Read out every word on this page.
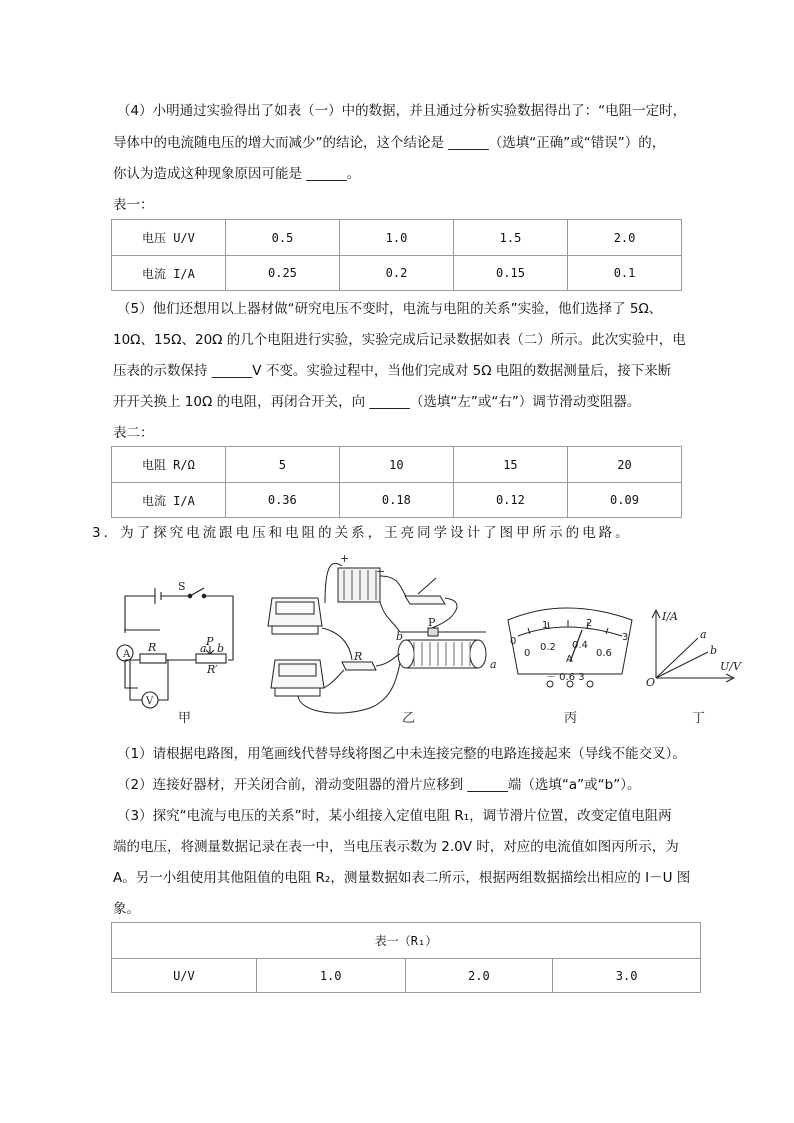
（4）小明通过实验得出了如表（一）中的数据，并且通过分析实验数据得出了：“电阻一定时，
导体中的电流随电压的增大而减少”的结论，这个结论是 ______（选填“正确”或“错误”）的，
你认为造成这种现象原因可能是 ______。
表一：
电压 U/V	0.5	1.0	1.5	2.0
电流 I/A	0.25	0.2	0.15	0.1
（5）他们还想用以上器材做“研究电压不变时，电流与电阻的关系”实验，他们选择了 5Ω、
10Ω、15Ω、20Ω 的几个电阻进行实验，实验完成后记录数据如表（二）所示。此次实验中，电
压表的示数保持 ______V 不变。实验过程中，当他们完成对 5Ω 电阻的数据测量后，接下来断
开开关换上 10Ω 的电阻，再闭合开关，向 ______（选填“左”或“右”）调节滑动变阻器。
表二：
电阻 R/Ω	5	10	15	20
电流 I/A	0.36	0.18	0.12	0.09
3．为了探究电流跟电压和电阻的关系，王亮同学设计了图甲所示的电路。
A
V
S
R	P
a b
R′
+
−
R
P
b
a
0
1	2
3
0
0.2 0.4
0.6
A
－ 0.6 3
I/A
U/V
O
a
b
甲	乙	丙	丁
（1）请根据电路图，用笔画线代替导线将图乙中未连接完整的电路连接起来（导线不能交叉）。
（2）连接好器材，开关闭合前，滑动变阻器的滑片应移到 ______端（选填“a”或“b”）。
（3）探究“电流与电压的关系”时，某小组接入定值电阻 R₁，调节滑片位置，改变定值电阻两
端的电压，将测量数据记录在表一中，当电压表示数为 2.0V 时，对应的电流值如图丙所示，为
A。另一小组使用其他阻值的电阻 R₂，测量数据如表二所示，根据两组数据描绘出相应的 I－U 图
象。
表一（R₁）
U/V	1.0	2.0	3.0
